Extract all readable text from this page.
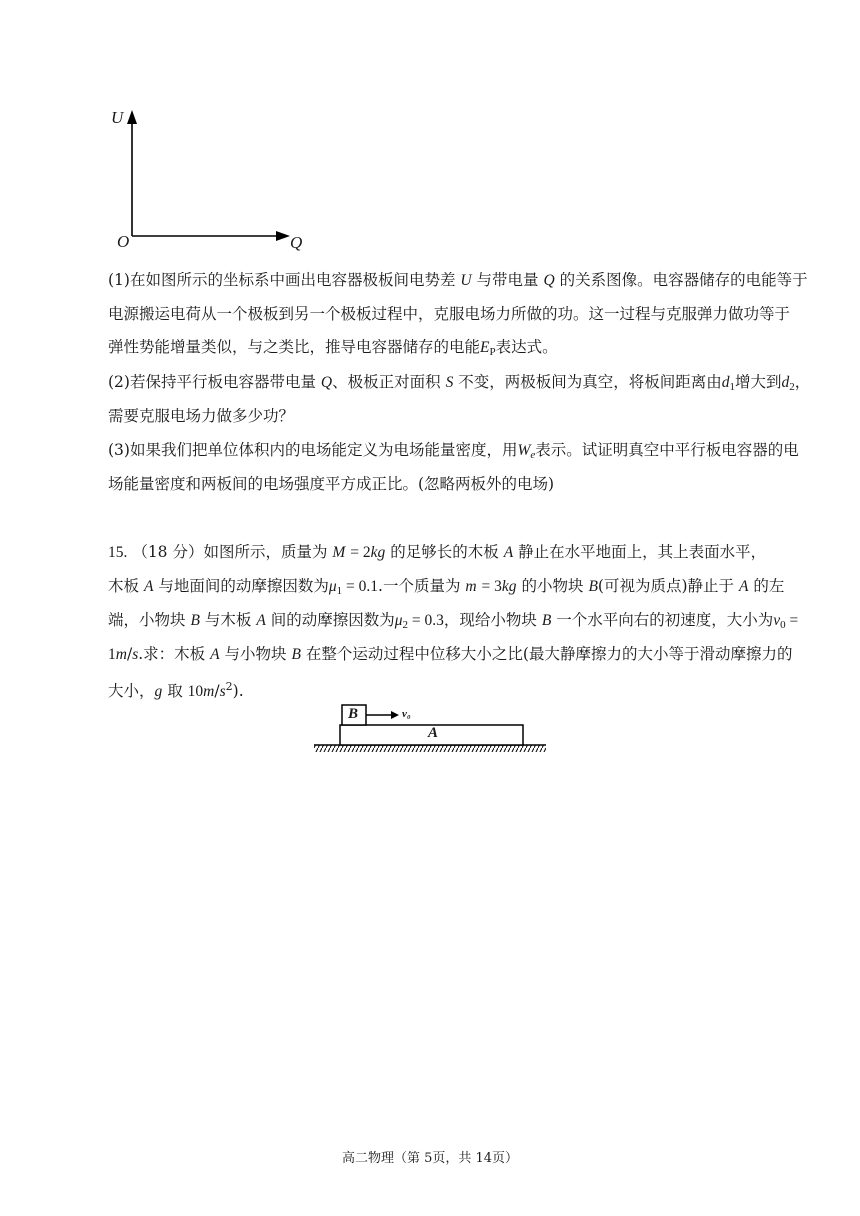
U
Q
O
(1)在如图所示的坐标系中画出电容器极板间电势差 U 与带电量 Q 的关系图像。电容器储存的电能等于
电源搬运电荷从一个极板到另一个极板过程中，克服电场力所做的功。这一过程与克服弹力做功等于
弹性势能增量类似，与之类比，推导电容器储存的电能$E_P$表达式。
(2)若保持平行板电容器带电量 Q、极板正对面积 S 不变，两极板间为真空，将板间距离由$d_1$增大到$d_2$，
需要克服电场力做多少功？
(3)如果我们把单位体积内的电场能定义为电场能量密度，用$W_e$表示。试证明真空中平行板电容器的电
场能量密度和两板间的电场强度平方成正比。(忽略两板外的电场)
15. （18 分）如图所示，质量为 M = 2kg 的足够长的木板 A 静止在水平地面上，其上表面水平，
木板 A 与地面间的动摩擦因数为$\mu_1 = 0.1$.一个质量为 m = 3kg 的小物块 B(可视为质点)静止于 A 的左
端，小物块 B 与木板 A 间的动摩擦因数为$\mu_2 = 0.3$，现给小物块 B 一个水平向右的初速度，大小为$v_0$ =
1m/s.求：木板 A 与小物块 B 在整个运动过程中位移大小之比(最大静摩擦力的大小等于滑动摩擦力的
大小，g 取 $10m/s^2$).
B	v₀
A
高二物理（第 5页，共 14页）
